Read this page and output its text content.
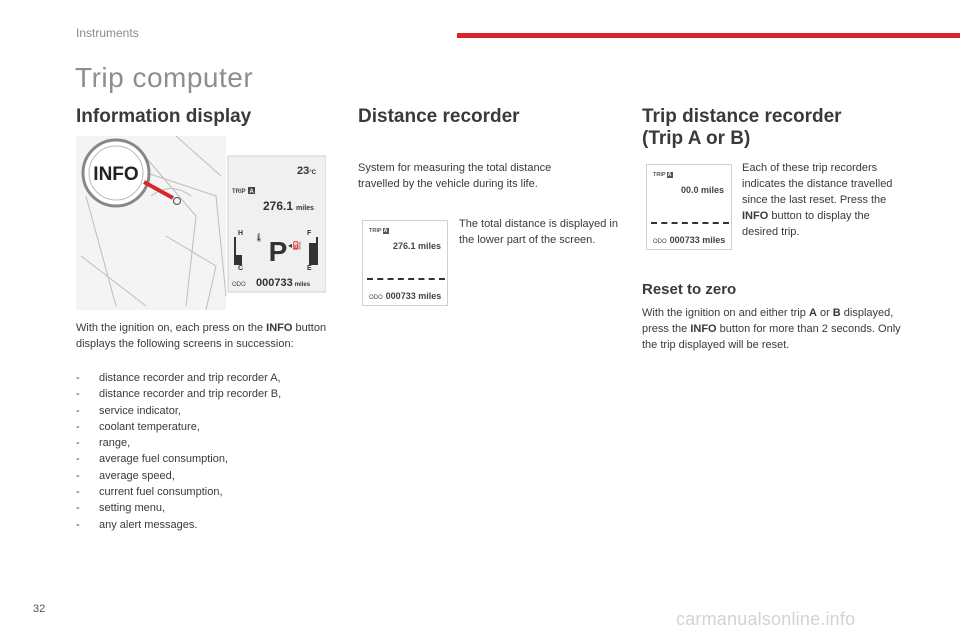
Instruments
Trip computer
Information display
INFO	23°C
TRIP A
276.1 miles
H
C
F
E
P ◂⛽
🌡
ODO 000733 miles
With the ignition on, each press on the INFO button displays the following screens in succession:
- distance recorder and trip recorder A,
- distance recorder and trip recorder B,
- service indicator,
- coolant temperature,
- range,
- average fuel consumption,
- average speed,
- current fuel consumption,
- setting menu,
- any alert messages.
Distance recorder
System for measuring the total distance travelled by the vehicle during its life.
TRIP A
276.1 miles
ODO 000733 miles
The total distance is displayed in the lower part of the screen.
Trip distance recorder
(Trip A or B)
TRIP A
00.0 miles
ODO 000733 miles
Each of these trip recorders indicates the distance travelled since the last reset. Press the INFO button to display the desired trip.
Reset to zero
With the ignition on and either trip A or B displayed, press the INFO button for more than 2 seconds. Only the trip displayed will be reset.
32	carmanualsonline.info
